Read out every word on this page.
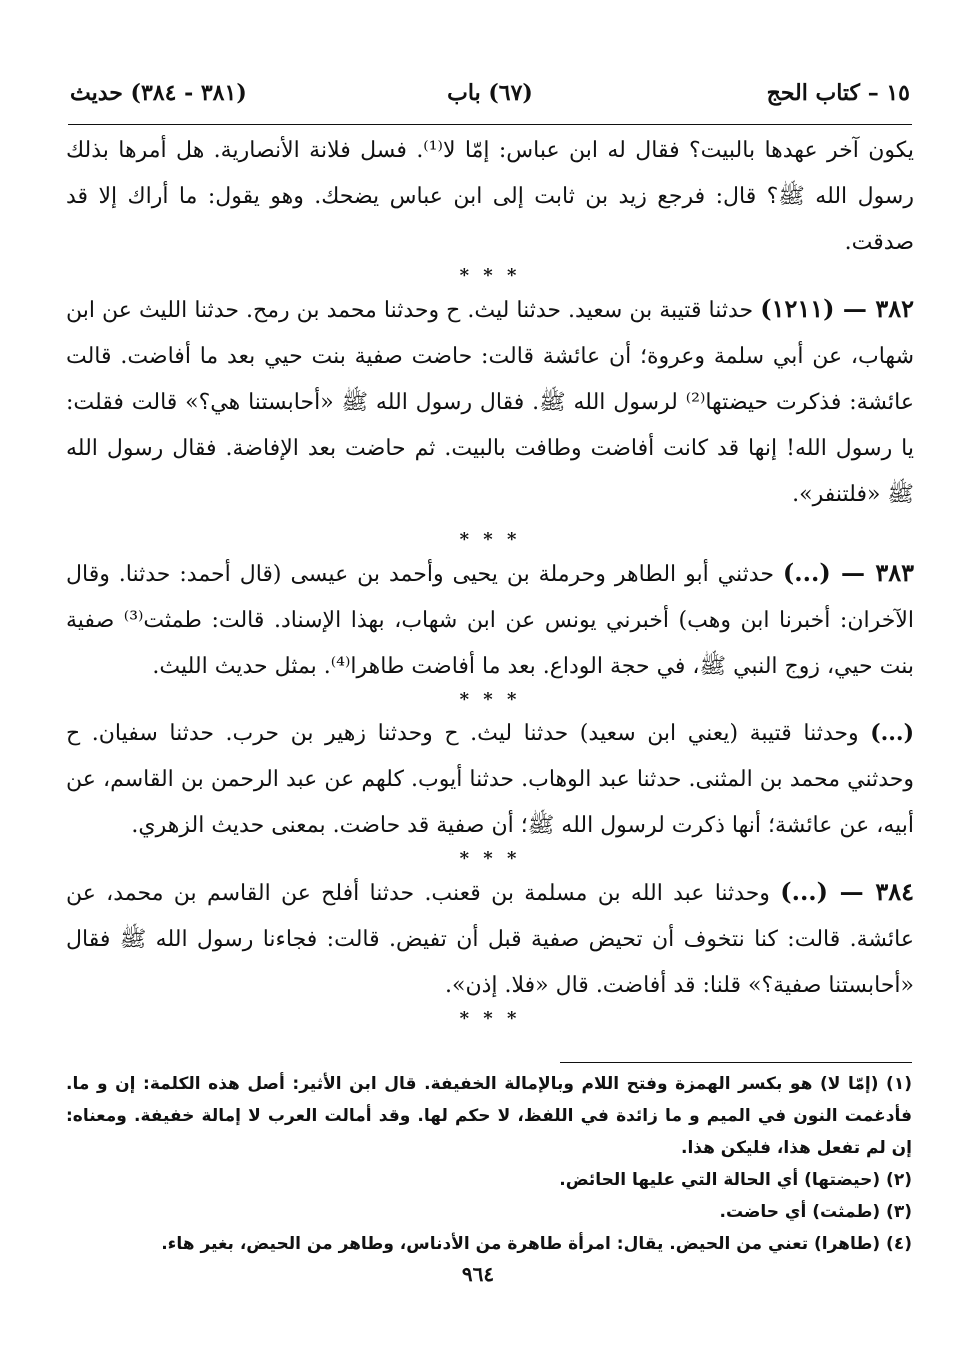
١٥ – كتاب الحج
(٦٧) باب
(٣٨١ - ٣٨٤) حديث

يكون آخر عهدها بالبيت؟ فقال له ابن عباس: إمّا لا⁽¹⁾. فسل فلانة الأنصارية. هل أمرها بذلك رسول الله ﷺ؟ قال: فرجع زيد بن ثابت إلى ابن عباس يضحك. وهو يقول: ما أراك إلا قد صدقت.

* * *

٣٨٢ — (١٢١١) حدثنا قتيبة بن سعيد. حدثنا ليث. ح وحدثنا محمد بن رمح. حدثنا الليث عن ابن شهاب، عن أبي سلمة وعروة؛ أن عائشة قالت: حاضت صفية بنت حيي بعد ما أفاضت. قالت عائشة: فذكرت حيضتها⁽²⁾ لرسول الله ﷺ. فقال رسول الله ﷺ «أحابستنا هي؟» قالت فقلت: يا رسول الله! إنها قد كانت أفاضت وطافت بالبيت. ثم حاضت بعد الإفاضة. فقال رسول الله ﷺ «فلتنفر».

* * *

٣٨٣ — (...) حدثني أبو الطاهر وحرملة بن يحيى وأحمد بن عيسى (قال أحمد: حدثنا. وقال الآخران: أخبرنا ابن وهب) أخبرني يونس عن ابن شهاب، بهذا الإسناد. قالت: طمثت⁽³⁾ صفية بنت حيي، زوج النبي ﷺ، في حجة الوداع. بعد ما أفاضت طاهرا⁽⁴⁾. بمثل حديث الليث.

* * *

(...) وحدثنا قتيبة (يعني ابن سعيد) حدثنا ليث. ح وحدثنا زهير بن حرب. حدثنا سفيان. ح وحدثني محمد بن المثنى. حدثنا عبد الوهاب. حدثنا أيوب. كلهم عن عبد الرحمن بن القاسم، عن أبيه، عن عائشة؛ أنها ذكرت لرسول الله ﷺ؛ أن صفية قد حاضت. بمعنى حديث الزهري.

* * *

٣٨٤ — (...) وحدثنا عبد الله بن مسلمة بن قعنب. حدثنا أفلح عن القاسم بن محمد، عن عائشة. قالت: كنا نتخوف أن تحيض صفية قبل أن تفيض. قالت: فجاءنا رسول الله ﷺ فقال «أحابستنا صفية؟» قلنا: قد أفاضت. قال «فلا. إذن».

* * *

(١) (إمّا لا) هو بكسر الهمزة وفتح اللام وبالإمالة الخفيفة. قال ابن الأثير: أصل هذه الكلمة: إن و ما. فأدغمت النون في الميم و ما زائدة في اللفظ، لا حكم لها. وقد أمالت العرب لا إمالة خفيفة. ومعناه: إن لم تفعل هذا، فليكن هذا.

(٢) (حيضتها) أي الحالة التي عليها الحائض.

(٣) (طمثت) أي حاضت.

(٤) (طاهرا) تعني من الحيض. يقال: امرأة طاهرة من الأدناس، وطاهر من الحيض، بغير هاء.

٩٦٤
